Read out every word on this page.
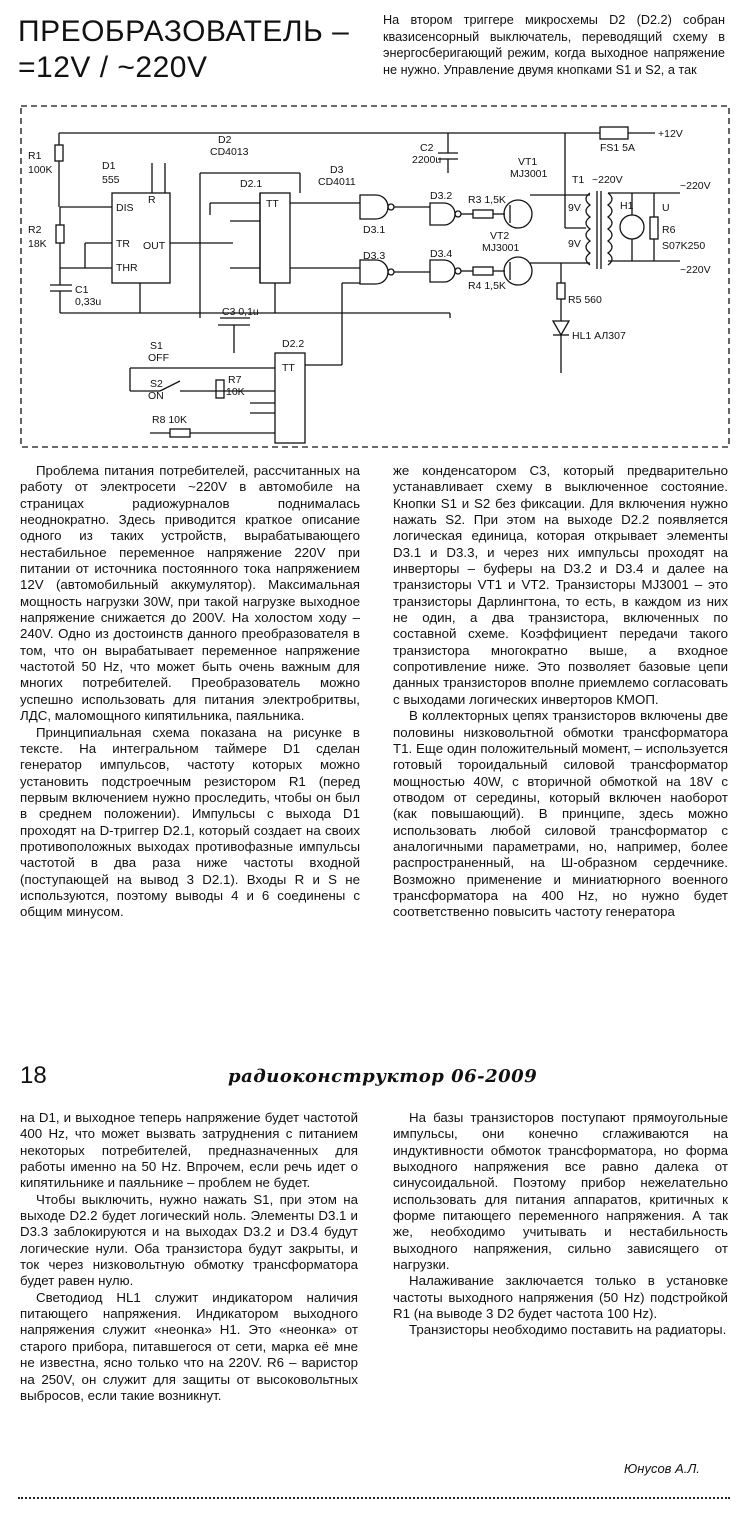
ПРЕОБРАЗОВАТЕЛЬ –
=12V / ~220V
На втором триггере микросхемы D2 (D2.2) собран квазисенсорный выключатель, переводящий схему в энергосберигающий режим, когда выходное напряжение не нужно. Управление двумя кнопками S1 и S2, а так
R1
100K	D1
555
R2
18K
C1
0,33u
DIS
TR
THR
OUT
R
D2
CD4013
D2.1
TT
D3
CD4011
D3.1
D3.2
D3.3	D3.4
C2
2200u
FS1 5A
+12V
VT1
MJ3001
VT2
MJ3001
R3 1,5K
R4 1,5K
T1 ~220V
9V
9V
H1	U
R6
S07K250
~220V
~220V
R5 560
HL1 АЛ307
C3 0,1u
D2.2
TT
S1
OFF
S2
ON
R7
10K
R8 10K

Проблема питания потребителей, рассчитанных на работу от электросети ~220V в автомобиле на страницах радиожурналов поднималась неоднократно. Здесь приводится краткое описание одного из таких устройств, вырабатывающего нестабильное переменное напряжение 220V при питании от источника постоянного тока напряжением 12V (автомобильный аккумулятор). Максимальная мощность нагрузки 30W, при такой нагрузке выходное напряжение снижается до 200V. На холостом ходу – 240V. Одно из достоинств данного преобразователя в том, что он вырабатывает переменное напряжение частотой 50 Hz, что может быть очень важным для многих потребителей. Преобразователь можно успешно использовать для питания электробритвы, ЛДС, маломощного кипятильника, паяльника.

Принципиальная схема показана на рисунке в тексте. На интегральном таймере D1 сделан генератор импульсов, частоту которых можно установить подстроечным резистором R1 (перед первым включением нужно проследить, чтобы он был в среднем положении). Импульсы с выхода D1 проходят на D-триггер D2.1, который создает на своих противоположных выходах противофазные импульсы частотой в два раза ниже частоты входной (поступающей на вывод 3 D2.1). Входы R и S не используются, поэтому выводы 4 и 6 соединены с общим минусом.

же конденсатором С3, который предварительно устанавливает схему в выключенное состояние. Кнопки S1 и S2 без фиксации. Для включения нужно нажать S2. При этом на выходе D2.2 появляется логическая единица, которая открывает элементы D3.1 и D3.3, и через них импульсы проходят на инверторы – буферы на D3.2 и D3.4 и далее на транзисторы VT1 и VT2. Транзисторы MJ3001 – это транзисторы Дарлингтона, то есть, в каждом из них не один, а два транзистора, включенных по составной схеме. Коэффициент передачи такого транзистора многократно выше, а входное сопротивление ниже. Это позволяет базовые цепи данных транзисторов вполне приемлемо согласовать с выходами логических инверторов КМОП.

В коллекторных цепях транзисторов включены две половины низковольтной обмотки трансформатора Т1. Еще один положительный момент, – используется готовый тороидальный силовой трансформатор мощностью 40W, с вторичной обмоткой на 18V с отводом от середины, который включен наоборот (как повышающий). В принципе, здесь можно использовать любой силовой трансформатор с аналогичными параметрами, но, например, более распространенный, на Ш-образном сердечнике. Возможно применение и миниатюрного военного трансформатора на 400 Hz, но нужно будет соответственно повысить частоту генератора

18	радиоконструктор 06-2009

на D1, и выходное теперь напряжение будет частотой 400 Hz, что может вызвать затруднения с питанием некоторых потребителей, предназначенных для работы именно на 50 Hz. Впрочем, если речь идет о кипятильнике и паяльнике – проблем не будет.

Чтобы выключить, нужно нажать S1, при этом на выходе D2.2 будет логический ноль. Элементы D3.1 и D3.3 заблокируются и на выходах D3.2 и D3.4 будут логические нули. Оба транзистора будут закрыты, и ток через низковольтную обмотку трансформатора будет равен нулю.

Светодиод HL1 служит индикатором наличия питающего напряжения. Индикатором выходного напряжения служит «неонка» Н1. Это «неонка» от старого прибора, питавшегося от сети, марка её мне не известна, ясно только что на 220V. R6 – варистор на 250V, он служит для защиты от высоковольтных выбросов, если такие возникнут.

На базы транзисторов поступают прямоугольные импульсы, они конечно сглаживаются на индуктивности обмоток трансформатора, но форма выходного напряжения все равно далека от синусоидальной. Поэтому прибор нежелательно использовать для питания аппаратов, критичных к форме питающего переменного напряжения. А так же, необходимо учитывать и нестабильность выходного напряжения, сильно зависящего от нагрузки.

Налаживание заключается только в установке частоты выходного напряжения (50 Hz) подстройкой R1 (на выводе 3 D2 будет частота 100 Hz).

Транзисторы необходимо поставить на радиаторы.

Юнусов А.Л.
